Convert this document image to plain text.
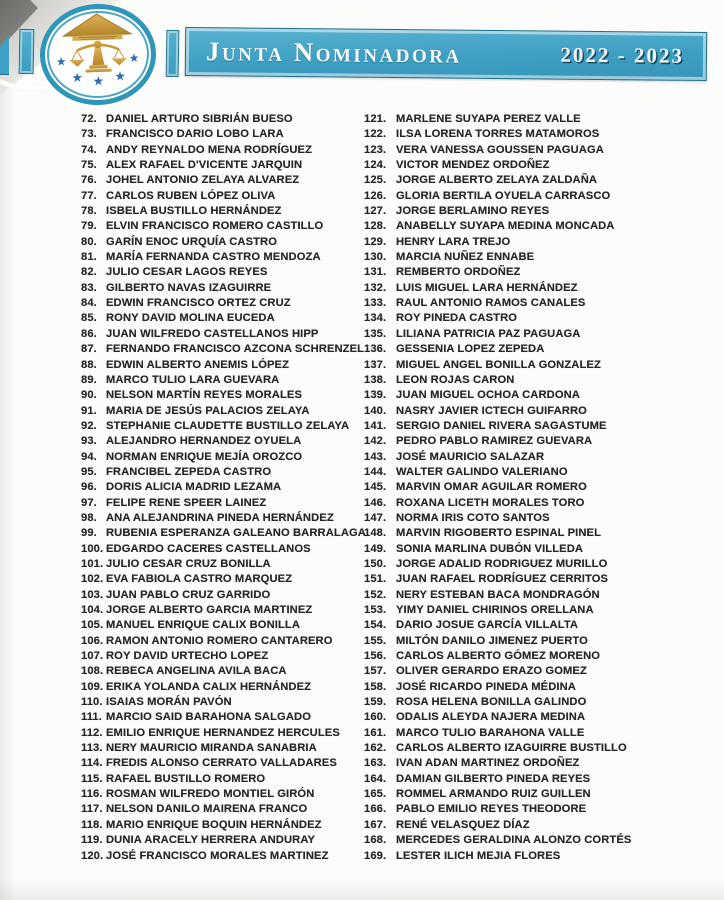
★	★
★ ★ ★
Junta Nominadora	2022 - 2023
72. DANIEL ARTURO SIBRIÁN BUESO
73. FRANCISCO DARIO LOBO LARA
74. ANDY REYNALDO MENA RODRÍGUEZ
75. ALEX RAFAEL D'VICENTE JARQUIN
76. JOHEL ANTONIO ZELAYA ALVAREZ
77. CARLOS RUBEN LÓPEZ OLIVA
78. ISBELA BUSTILLO HERNÁNDEZ
79. ELVIN FRANCISCO ROMERO CASTILLO
80. GARÍN ENOC URQUÍA CASTRO
81. MARÍA FERNANDA CASTRO MENDOZA
82. JULIO CESAR LAGOS REYES
83. GILBERTO NAVAS IZAGUIRRE
84. EDWIN FRANCISCO ORTEZ CRUZ
85. RONY DAVID MOLINA EUCEDA
86. JUAN WILFREDO CASTELLANOS HIPP
87. FERNANDO FRANCISCO AZCONA SCHRENZEL
88. EDWIN ALBERTO ANEMIS LÓPEZ
89. MARCO TULIO LARA GUEVARA
90. NELSON MARTÍN REYES MORALES
91. MARIA DE JESÚS PALACIOS ZELAYA
92. STEPHANIE CLAUDETTE BUSTILLO ZELAYA
93. ALEJANDRO HERNANDEZ OYUELA
94. NORMAN ENRIQUE MEJÍA OROZCO
95. FRANCIBEL ZEPEDA CASTRO
96. DORIS ALICIA MADRID LEZAMA
97. FELIPE RENE SPEER LAINEZ
98. ANA ALEJANDRINA PINEDA HERNÁNDEZ
99. RUBENIA ESPERANZA GALEANO BARRALAGA
100. EDGARDO CACERES CASTELLANOS
101. JULIO CESAR CRUZ BONILLA
102. EVA FABIOLA CASTRO MARQUEZ
103. JUAN PABLO CRUZ GARRIDO
104. JORGE ALBERTO GARCIA MARTINEZ
105. MANUEL ENRIQUE CALIX BONILLA
106. RAMON ANTONIO ROMERO CANTARERO
107. ROY DAVID URTECHO LOPEZ
108. REBECA ANGELINA AVILA BACA
109. ERIKA YOLANDA CALIX HERNÁNDEZ
110. ISAIAS MORÁN PAVÓN
111. MARCIO SAID BARAHONA SALGADO
112. EMILIO ENRIQUE HERNANDEZ HERCULES
113. NERY MAURICIO MIRANDA SANABRIA
114. FREDIS ALONSO CERRATO VALLADARES
115. RAFAEL BUSTILLO ROMERO
116. ROSMAN WILFREDO MONTIEL GIRÓN
117. NELSON DANILO MAIRENA FRANCO
118. MARIO ENRIQUE BOQUIN HERNÁNDEZ
119. DUNIA ARACELY HERRERA ANDURAY
120. JOSÉ FRANCISCO MORALES MARTINEZ
121. MARLENE SUYAPA PEREZ VALLE
122. ILSA LORENA TORRES MATAMOROS
123. VERA VANESSA GOUSSEN PAGUAGA
124. VICTOR MENDEZ ORDOÑEZ
125. JORGE ALBERTO ZELAYA ZALDAÑA
126. GLORIA BERTILA OYUELA CARRASCO
127. JORGE BERLAMINO REYES
128. ANABELLY SUYAPA MEDINA MONCADA
129. HENRY LARA TREJO
130. MARCIA NUÑEZ ENNABE
131. REMBERTO ORDOÑEZ
132. LUIS MIGUEL LARA HERNÁNDEZ
133. RAUL ANTONIO RAMOS CANALES
134. ROY PINEDA CASTRO
135. LILIANA PATRICIA PAZ PAGUAGA
136. GESSENIA LOPEZ ZEPEDA
137. MIGUEL ANGEL BONILLA GONZALEZ
138. LEON ROJAS CARON
139. JUAN MIGUEL OCHOA CARDONA
140. NASRY JAVIER ICTECH GUIFARRO
141. SERGIO DANIEL RIVERA SAGASTUME
142. PEDRO PABLO RAMIREZ GUEVARA
143. JOSÉ MAURICIO SALAZAR
144. WALTER GALINDO VALERIANO
145. MARVIN OMAR AGUILAR ROMERO
146. ROXANA LICETH MORALES TORO
147. NORMA IRIS COTO SANTOS
148. MARVIN RIGOBERTO ESPINAL PINEL
149. SONIA MARLINA DUBÓN VILLEDA
150. JORGE ADALID RODRIGUEZ MURILLO
151. JUAN RAFAEL RODRÍGUEZ CERRITOS
152. NERY ESTEBAN BACA MONDRAGÓN
153. YIMY DANIEL CHIRINOS ORELLANA
154. DARIO JOSUE GARCÍA VILLALTA
155. MILTÓN DANILO JIMENEZ PUERTO
156. CARLOS ALBERTO GÓMEZ MORENO
157. OLIVER GERARDO ERAZO GOMEZ
158. JOSÉ RICARDO PINEDA MÉDINA
159. ROSA HELENA BONILLA GALINDO
160. ODALIS ALEYDA NAJERA MEDINA
161. MARCO TULIO BARAHONA VALLE
162. CARLOS ALBERTO IZAGUIRRE BUSTILLO
163. IVAN ADAN MARTINEZ ORDOÑEZ
164. DAMIAN GILBERTO PINEDA REYES
165. ROMMEL ARMANDO RUIZ GUILLEN
166. PABLO EMILIO REYES THEODORE
167. RENÉ VELASQUEZ DÍAZ
168. MERCEDES GERALDINA ALONZO CORTÉS
169. LESTER ILICH MEJIA FLORES
